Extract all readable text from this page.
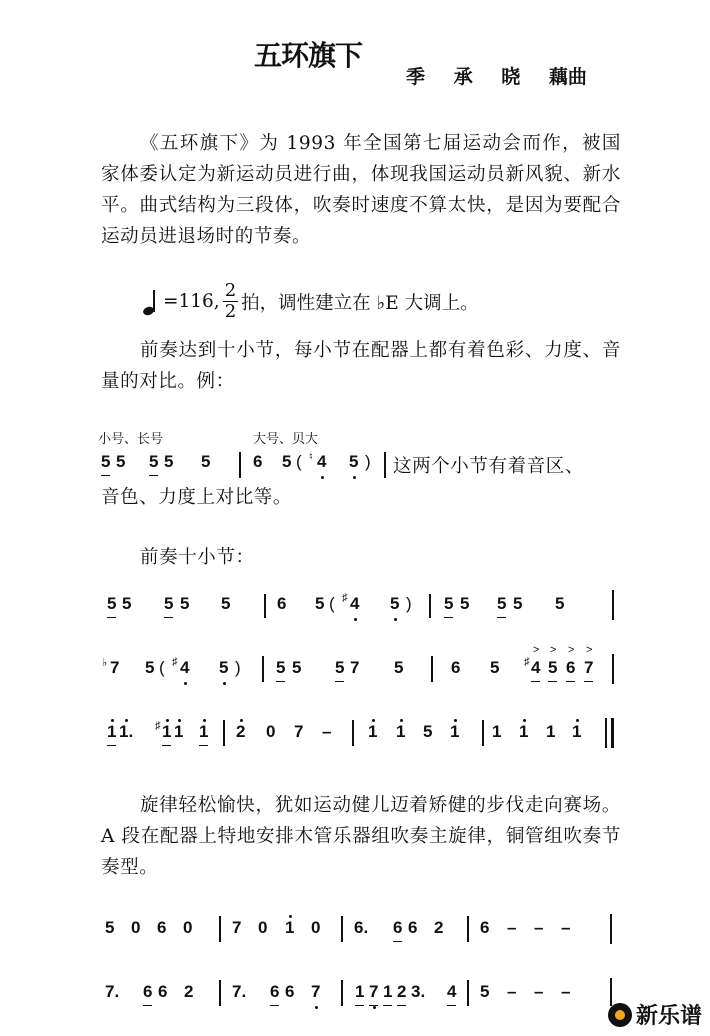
五环旗下
季 承 晓 藕曲
《五环旗下》为 1993 年全国第七届运动会而作，被国家体委认定为新运动员进行曲，体现我国运动员新风貌、新水平。曲式结构为三段体，吹奏时速度不算太快，是因为要配合运动员进退场时的节奏。
=116, $\frac{2}{2}$ 拍，调性建立在 ♭E 大调上。
前奏达到十小节，每小节在配器上都有着色彩、力度、音量的对比。例：
小号、长号	大号、贝大
5 5 5 5 5	6 5 ( ♮ 4 5 ) 这两个小节有着音区、
音色、力度上对比等。
前奏十小节：
5 5 5 5 5	6 5 ( ♯ 4 5 ) 5 5 5 5 5
♭ 7 5 ( ♯ 4 5 ) 5 5 5 7 5	6 5 ♯
>
4
>
5
>
6
>
7
1 1. ♯ 1 1 1 2 0 7 – 1 1 5 1 1 1 1 1
旋律轻松愉快，犹如运动健儿迈着矫健的步伐走向赛场。A 段在配器上特地安排木管乐器组吹奏主旋律，铜管组吹奏节奏型。
5 0 6 0 7 0 1 0 6. 6 6 2 6 – – –
7. 6 6 2 7. 6 6 7 1 7 1 2 3. 4 5 – – –
新乐谱
